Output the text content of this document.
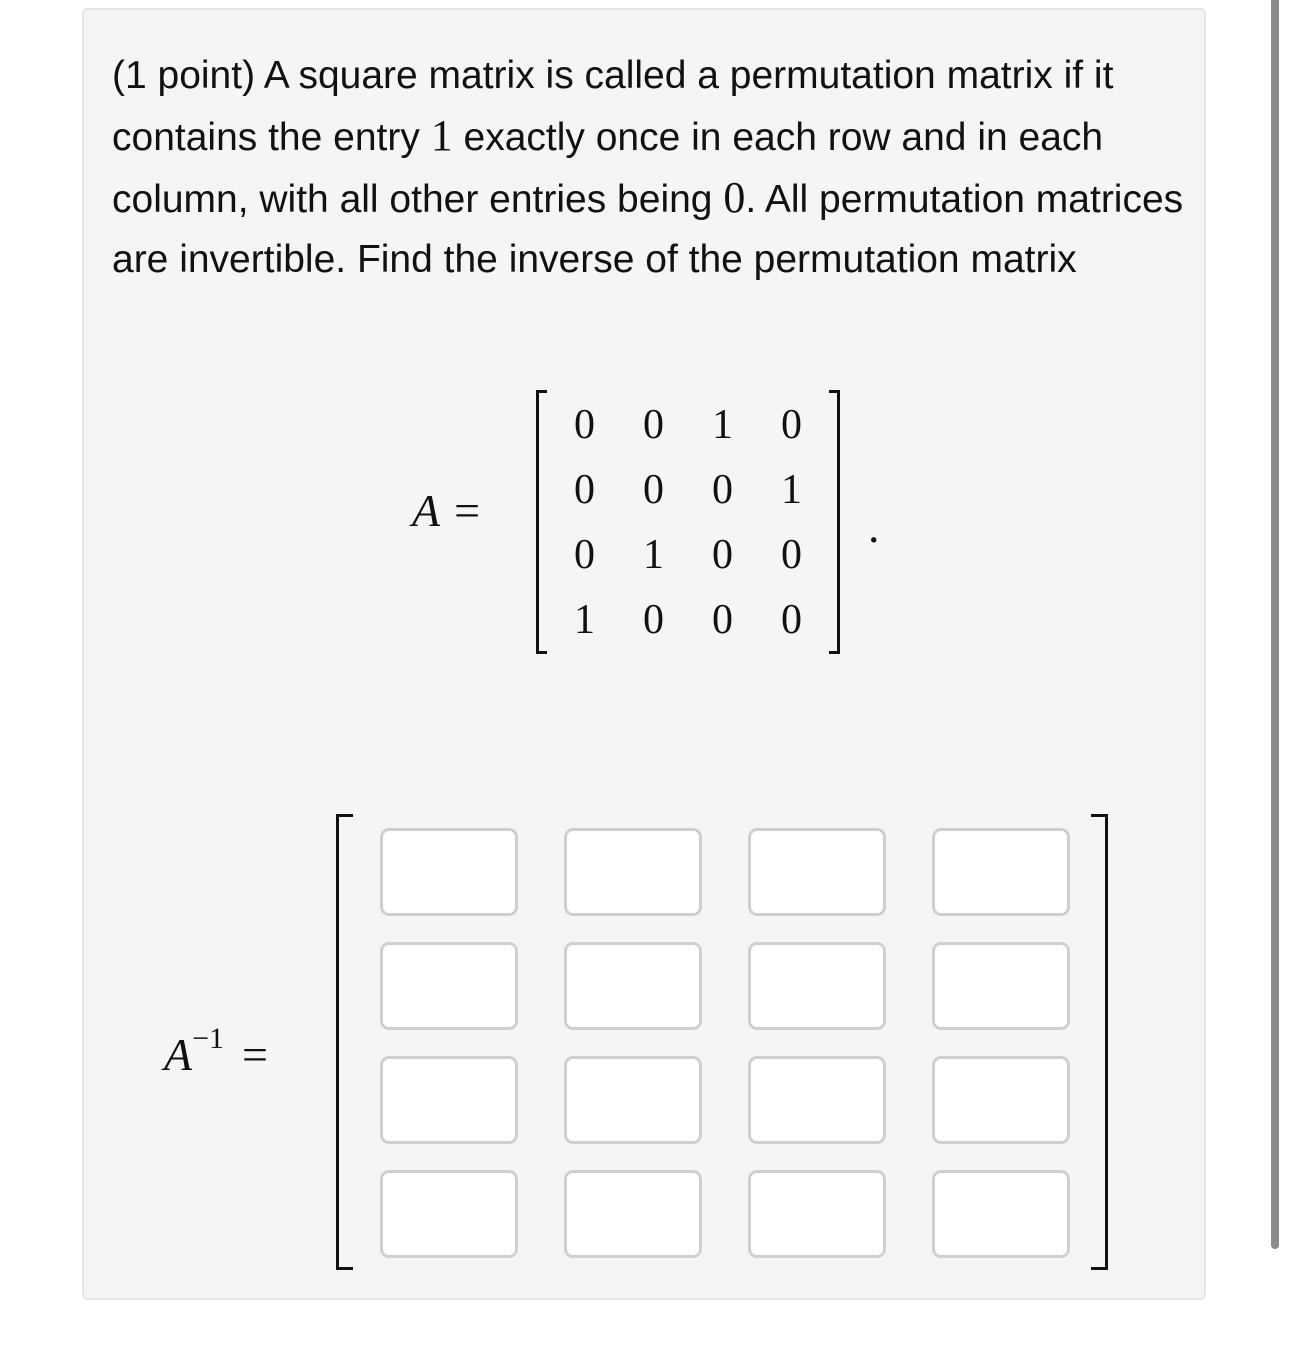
(1 point) A square matrix is called a permutation matrix if it contains the entry 1 exactly once in each row and in each column, with all other entries being 0. All permutation matrices are invertible. Find the inverse of the permutation matrix
A =
0	0	1	0
0	0	0	1
0	1	0	0
1	0	0	0
.
$A^{-1}$ =
